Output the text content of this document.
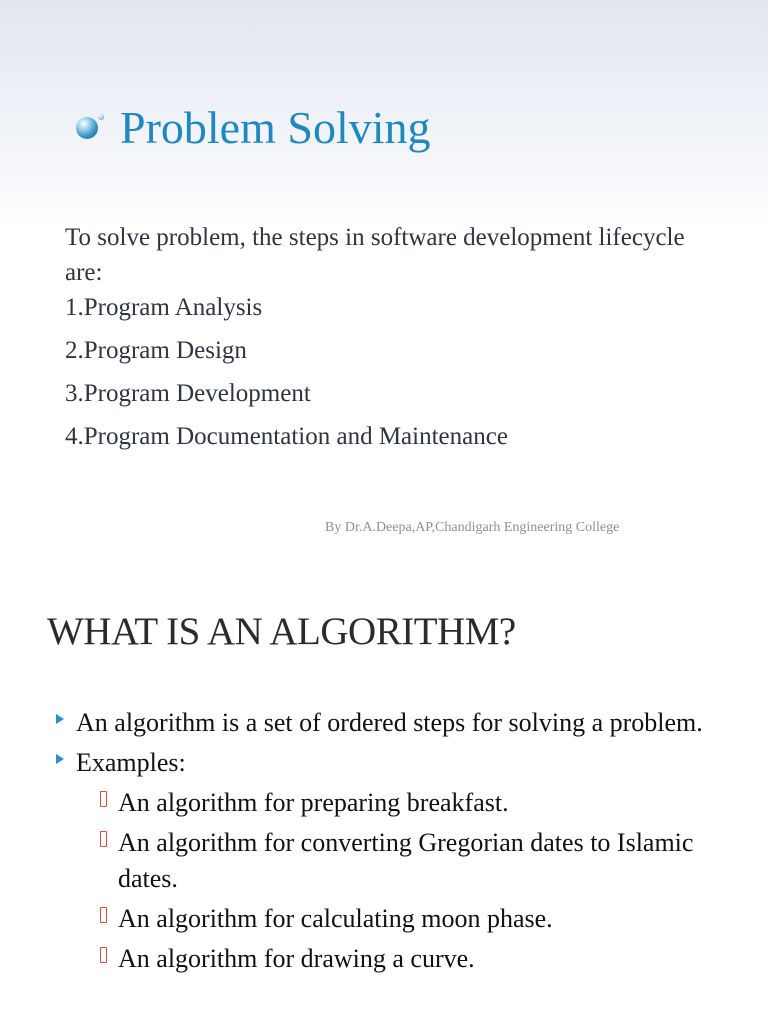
Problem Solving
To solve problem, the steps in software development lifecycle are:
1.Program Analysis
2.Program Design
3.Program Development
4.Program Documentation and Maintenance
By Dr.A.Deepa,AP,Chandigarh Engineering College
WHAT IS AN ALGORITHM?
An algorithm is a set of ordered steps for solving a problem.
Examples:
An algorithm for preparing breakfast.
An algorithm for converting Gregorian dates to Islamic dates.
An algorithm for calculating moon phase.
An algorithm for drawing a curve.
